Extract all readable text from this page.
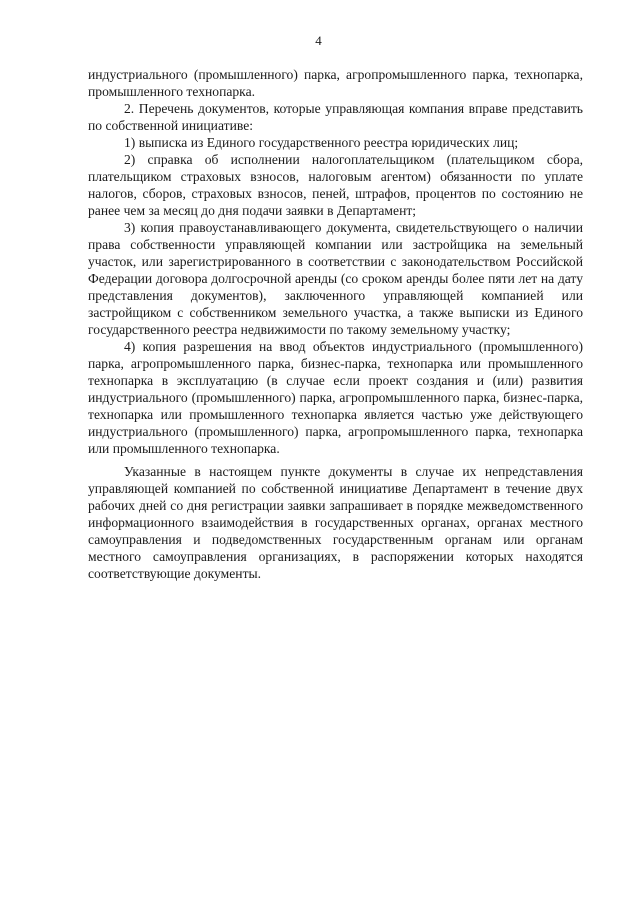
4

индустриального (промышленного) парка, агропромышленного парка, технопарка, промышленного технопарка.

2. Перечень документов, которые управляющая компания вправе представить по собственной инициативе:

1) выписка из Единого государственного реестра юридических лиц;

2) справка об исполнении налогоплательщиком (плательщиком сбора, плательщиком страховых взносов, налоговым агентом) обязанности по уплате налогов, сборов, страховых взносов, пеней, штрафов, процентов по состоянию не ранее чем за месяц до дня подачи заявки в Департамент;

3) копия правоустанавливающего документа, свидетельствующего о наличии права собственности управляющей компании или застройщика на земельный участок, или зарегистрированного в соответствии с законодательством Российской Федерации договора долгосрочной аренды (со сроком аренды более пяти лет на дату представления документов), заключенного управляющей компанией или застройщиком с собственником земельного участка, а также выписки из Единого государственного реестра недвижимости по такому земельному участку;

4) копия разрешения на ввод объектов индустриального (промышленного) парка, агропромышленного парка, бизнес-парка, технопарка или промышленного технопарка в эксплуатацию (в случае если проект создания и (или) развития индустриального (промышленного) парка, агропромышленного парка, бизнес-парка, технопарка или промышленного технопарка является частью уже действующего индустриального (промышленного) парка, агропромышленного парка, технопарка или промышленного технопарка.

Указанные в настоящем пункте документы в случае их непредставления управляющей компанией по собственной инициативе Департамент в течение двух рабочих дней со дня регистрации заявки запрашивает в порядке межведомственного информационного взаимодействия в государственных органах, органах местного самоуправления и подведомственных государственным органам или органам местного самоуправления организациях, в распоряжении которых находятся соответствующие документы.
